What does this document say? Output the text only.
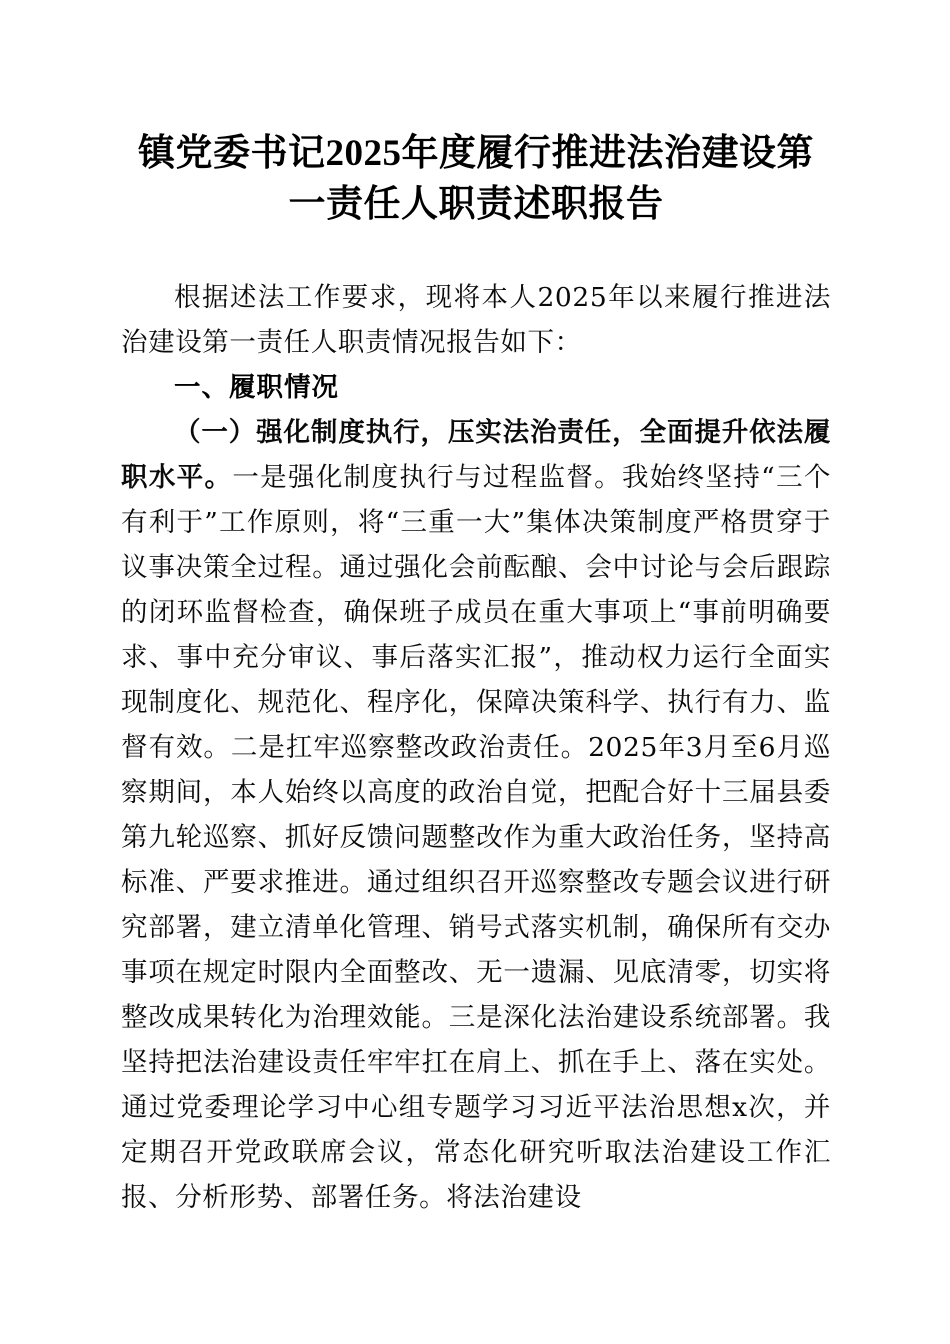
镇党委书记2025年度履行推进法治建设第一责任人职责述职报告

根据述法工作要求，现将本人2025年以来履行推进法治建设第一责任人职责情况报告如下：

一、履职情况

（一）强化制度执行，压实法治责任，全面提升依法履职水平。一是强化制度执行与过程监督。我始终坚持“三个有利于”工作原则，将“三重一大”集体决策制度严格贯穿于议事决策全过程。通过强化会前酝酿、会中讨论与会后跟踪的闭环监督检查，确保班子成员在重大事项上“事前明确要求、事中充分审议、事后落实汇报”，推动权力运行全面实现制度化、规范化、程序化，保障决策科学、执行有力、监督有效。二是扛牢巡察整改政治责任。2025年3月至6月巡察期间，本人始终以高度的政治自觉，把配合好十三届县委第九轮巡察、抓好反馈问题整改作为重大政治任务，坚持高标准、严要求推进。通过组织召开巡察整改专题会议进行研究部署，建立清单化管理、销号式落实机制，确保所有交办事项在规定时限内全面整改、无一遗漏、见底清零，切实将整改成果转化为治理效能。三是深化法治建设系统部署。我坚持把法治建设责任牢牢扛在肩上、抓在手上、落在实处。通过党委理论学习中心组专题学习习近平法治思想x次，并定期召开党政联席会议，常态化研究听取法治建设工作汇报、分析形势、部署任务。将法治建设
